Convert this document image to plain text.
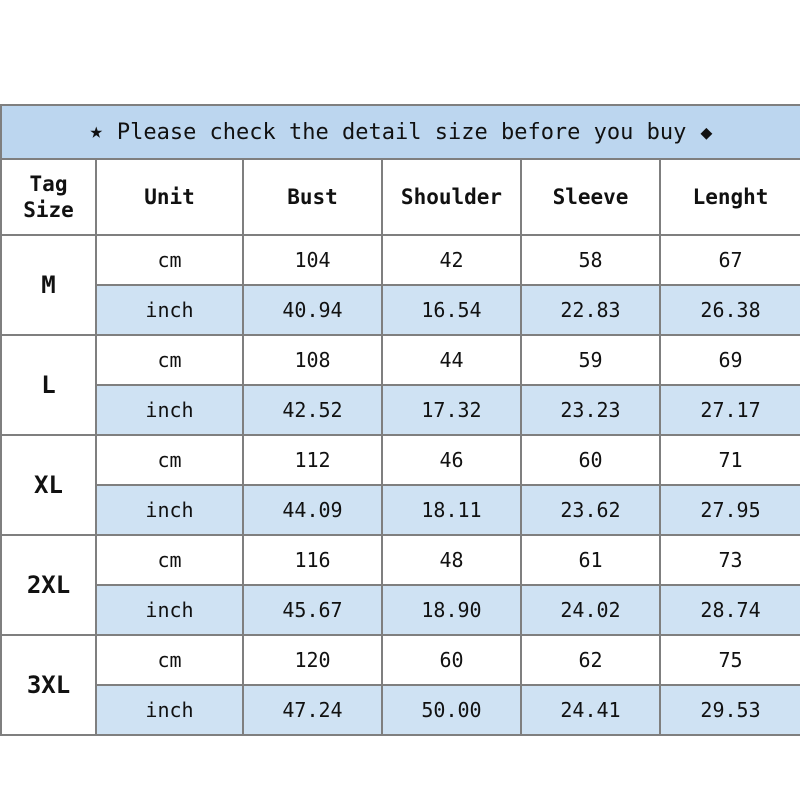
★ Please check the detail size before you buy ◆					

Tag
Size	Unit	Bust	Shoulder	Sleeve	Lenght
M	cm	104	42	58	67
	inch	40.94	16.54	22.83	26.38
L	cm	108	44	59	69
	inch	42.52	17.32	23.23	27.17
XL	cm	112	46	60	71
	inch	44.09	18.11	23.62	27.95
2XL	cm	116	48	61	73
	inch	45.67	18.90	24.02	28.74
3XL	cm	120	60	62	75
	inch	47.24	50.00	24.41	29.53
